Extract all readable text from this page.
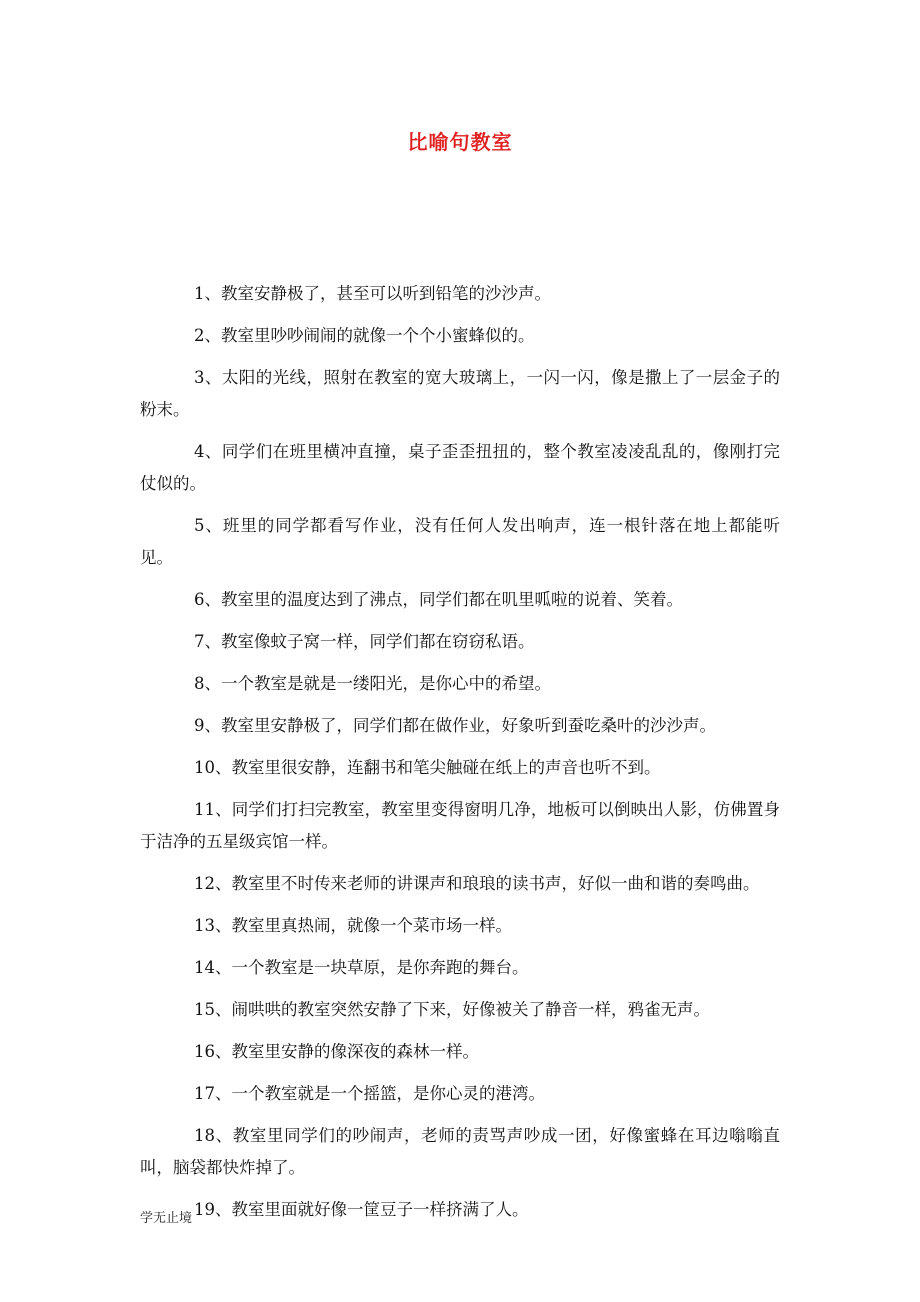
比喻句教室

1、教室安静极了，甚至可以听到铅笔的沙沙声。

2、教室里吵吵闹闹的就像一个个小蜜蜂似的。

3、太阳的光线，照射在教室的宽大玻璃上，一闪一闪，像是撒上了一层金子的粉末。

4、同学们在班里横冲直撞，桌子歪歪扭扭的，整个教室凌凌乱乱的，像刚打完仗似的。

5、班里的同学都看写作业，没有任何人发出响声，连一根针落在地上都能听见。

6、教室里的温度达到了沸点，同学们都在叽里呱啦的说着、笑着。

7、教室像蚊子窝一样，同学们都在窃窃私语。

8、一个教室是就是一缕阳光，是你心中的希望。

9、教室里安静极了，同学们都在做作业，好象听到蚕吃桑叶的沙沙声。

10、教室里很安静，连翻书和笔尖触碰在纸上的声音也听不到。

11、同学们打扫完教室，教室里变得窗明几净，地板可以倒映出人影，仿佛置身于洁净的五星级宾馆一样。

12、教室里不时传来老师的讲课声和琅琅的读书声，好似一曲和谐的奏鸣曲。

13、教室里真热闹，就像一个菜市场一样。

14、一个教室是一块草原，是你奔跑的舞台。

15、闹哄哄的教室突然安静了下来，好像被关了静音一样，鸦雀无声。

16、教室里安静的像深夜的森林一样。

17、一个教室就是一个摇篮，是你心灵的港湾。

18、教室里同学们的吵闹声，老师的责骂声吵成一团，好像蜜蜂在耳边嗡嗡直叫，脑袋都快炸掉了。

19、教室里面就好像一筐豆子一样挤满了人。

学无止境
